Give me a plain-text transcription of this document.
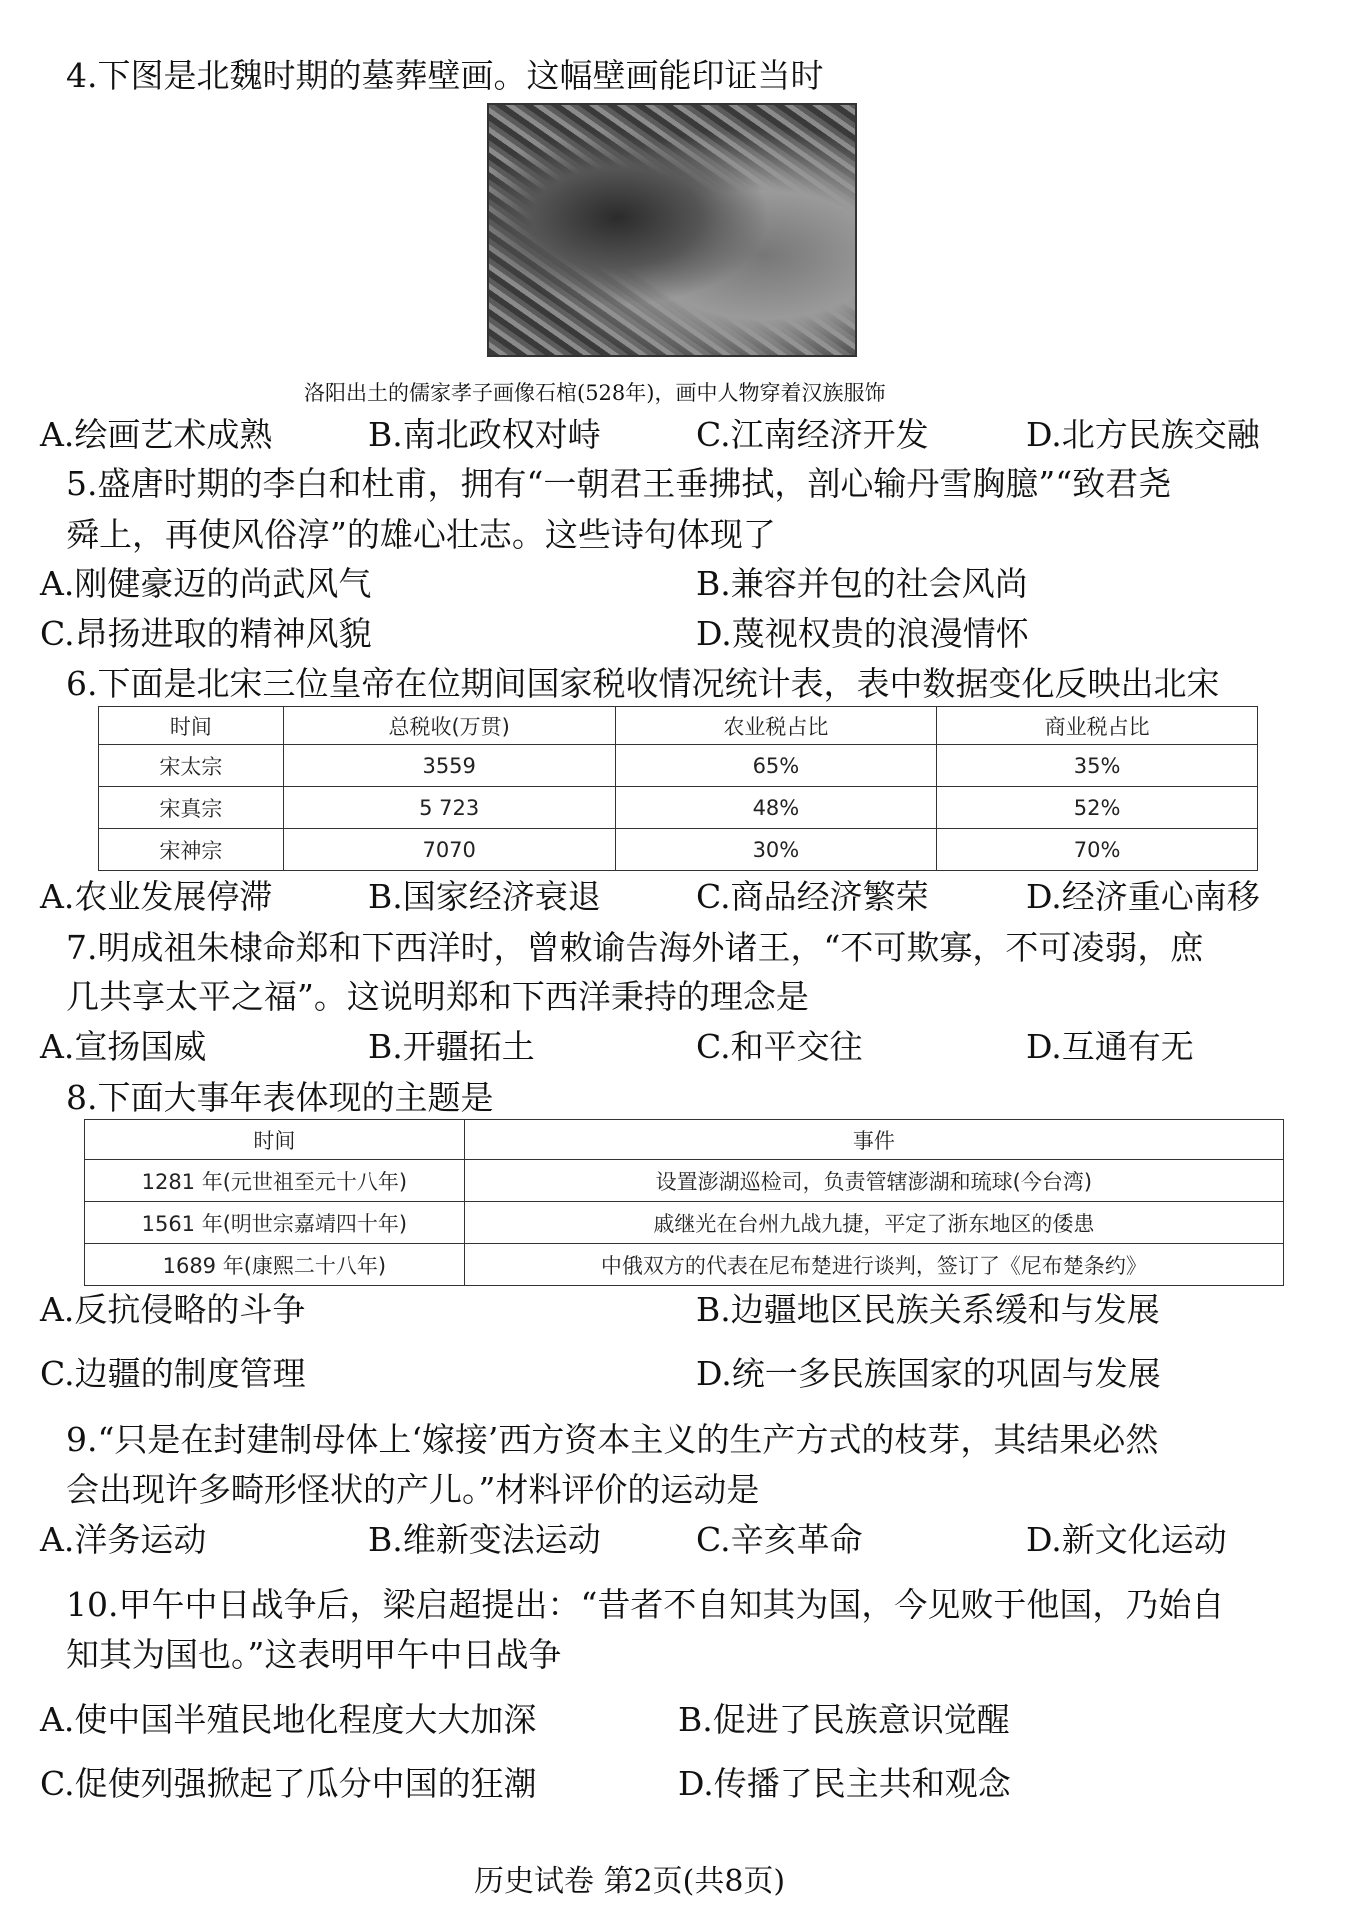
4.下图是北魏时期的墓葬壁画。这幅壁画能印证当时
洛阳出土的儒家孝子画像石棺(528年)，画中人物穿着汉族服饰
A.绘画艺术成熟	B.南北政权对峙	C.江南经济开发	D.北方民族交融
5.盛唐时期的李白和杜甫，拥有“一朝君王垂拂拭，剖心输丹雪胸臆”“致君尧
舜上，再使风俗淳”的雄心壮志。这些诗句体现了
A.刚健豪迈的尚武风气	B.兼容并包的社会风尚
C.昂扬进取的精神风貌	D.蔑视权贵的浪漫情怀
6.下面是北宋三位皇帝在位期间国家税收情况统计表，表中数据变化反映出北宋
时间	总税收(万贯)	农业税占比	商业税占比
宋太宗	3559	65%	35%
宋真宗	5 723	48%	52%
宋神宗	7070	30%	70%
A.农业发展停滞	B.国家经济衰退	C.商品经济繁荣	D.经济重心南移
7.明成祖朱棣命郑和下西洋时，曾敕谕告海外诸王，“不可欺寡，不可凌弱，庶
几共享太平之福”。这说明郑和下西洋秉持的理念是
A.宣扬国威	B.开疆拓土	C.和平交往	D.互通有无
8.下面大事年表体现的主题是
时间	事件
1281 年(元世祖至元十八年)	设置澎湖巡检司，负责管辖澎湖和琉球(今台湾)
1561 年(明世宗嘉靖四十年)	戚继光在台州九战九捷，平定了浙东地区的倭患
1689 年(康熙二十八年)	中俄双方的代表在尼布楚进行谈判，签订了《尼布楚条约》
A.反抗侵略的斗争	B.边疆地区民族关系缓和与发展
C.边疆的制度管理	D.统一多民族国家的巩固与发展
9.“只是在封建制母体上‘嫁接’西方资本主义的生产方式的枝芽，其结果必然
会出现许多畸形怪状的产儿。”材料评价的运动是
A.洋务运动	B.维新变法运动	C.辛亥革命	D.新文化运动
10.甲午中日战争后，梁启超提出：“昔者不自知其为国，今见败于他国，乃始自
知其为国也。”这表明甲午中日战争
A.使中国半殖民地化程度大大加深	B.促进了民族意识觉醒
C.促使列强掀起了瓜分中国的狂潮	D.传播了民主共和观念
历史试卷 第2页(共8页)
